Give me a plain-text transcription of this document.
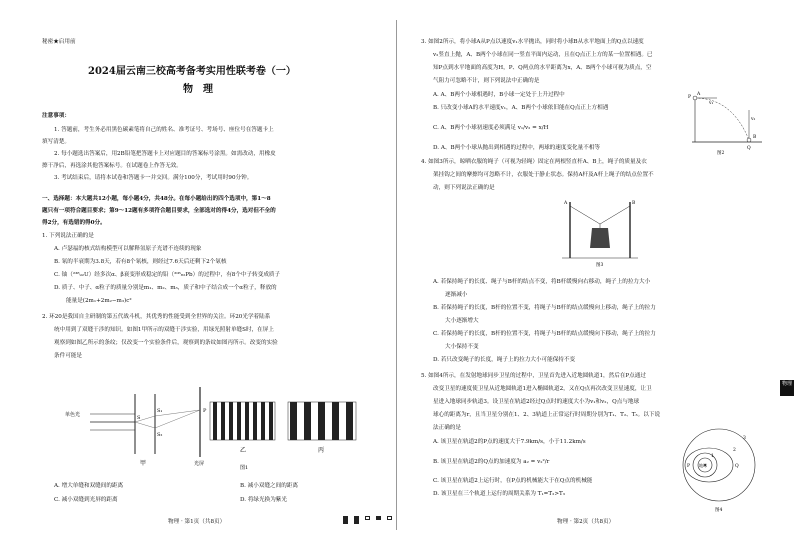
秘密★启用前
2024届云南三校高考备考实用性联考卷（一）
物　理
注意事项：
1. 答题前，考生务必用黑色碳素笔将自己的姓名、准考证号、考场号、座位号在答题卡上
填写清楚。
2. 每小题选出答案后，用2B铅笔把答题卡上对应题目的答案标号涂黑。如需改动，用橡皮
擦干净后，再选涂其他答案标号。在试题卷上作答无效。
3. 考试结束后，请将本试卷和答题卡一并交回。满分100分，考试用时90分钟。
一、选择题：本大题共12小题，每小题4分，共48分。在每小题给出的四个选项中，第1～8
题只有一项符合题目要求；第9～12题有多项符合题目要求，全部选对的得4分，选对但不全的
得2分，有选错的得0分。
1. 下列说法正确的是
A. 卢瑟福的核式结构模型可以解释氢原子光谱不连续的现象
B. 氡的半衰期为3.8天，若有8个氡核，则经过7.6天后还剩下2个氡核
C. 铀（²³⁸₉₂U）经多次α、β衰变形成稳定的铅（²⁰⁶₈₂Pb）的过程中，有8个中子转变成质子
D. 质子、中子、α粒子的质量分别是m₁、m₂、m₃，质子和中子结合成一个α粒子，释放的
能量是(2m₁+2m₂−m₃)c²
2. 环20是我国自主研制的第五代战斗机，其优秀的性能受到全世界的关注。环20光学着陆系
统中用到了双缝干涉的知识。如图1甲所示的双缝干涉实验，用绿光照射单缝S时，在屏上
观察到如图乙所示的条纹；仅改变一个实验条件后，观察到的条纹如图丙所示。改变的实验
条件可能是
单色光	S
S₁
S₂
P
光屏
甲
乙	丙
图1
A. 增大单缝和双缝间的距离	B. 减小双缝之间的距离
C. 减小双缝到光屏的距离	D. 将绿光换为紫光
物理 · 第1页（共8页）
3. 如图2所示，将小球A从P点以速度v₁水平抛出，同时将小球B从水平地面上的Q点以速度
v₂竖直上抛，A、B两个小球在同一竖直平面内运动，且在Q点正上方的某一位置相遇。已
知P点到水平地面的高度为H，P、Q两点的水平距离为x，A、B两个小球可视为质点，空
气阻力可忽略不计，则下列说法中正确的是
A. A、B两个小球相遇时，B小球一定处于上升过程中
B. 只改变小球A的水平速度v₁，A、B两个小球依旧能在Q点正上方相遇
C. A、B两个小球初速度必须满足 v₁/v₂ = x/H
D. A、B两个小球从抛出到相遇的过程中，两球的速度变化量不相等
P
A
v₁
B
v₂
Q
图2
4. 如图3所示，晾晒衣服的绳子（可视为轻绳）固定在两根竖直杆A、B上，绳子的质量及衣
架挂钩之间的摩擦均可忽略不计，衣服处于静止状态。保持A杆及A杆上绳子的结点位置不
动，则下列说法正确的是
A	B
图3
A. 若保持绳子的长度、绳子与B杆的结点不变，将B杆缓慢向右移动，绳子上的拉力大小
逐渐减小
B. 若保持绳子的长度，B杆的位置不变，将绳子与B杆的结点缓慢向上移动，绳子上的拉力
大小逐渐增大
C. 若保持绳子的长度，B杆的位置不变，将绳子与B杆的结点缓慢向下移动，绳子上的拉力
大小保持不变
D. 若只改变绳子的长度，绳子上的拉力大小可能保持不变
5. 如图4所示，在发射地球同步卫星的过程中，卫星首先进入近地圆轨道1，然后在P点通过
改变卫星的速度使卫星从近地圆轨道1进入椭圆轨道2，又在Q点再次改变卫星速度，让卫
星进入地球同步轨道3。设卫星在轨道2经过Q点时的速度大小为v₁和v₂，Q点与地球
球心的距离为r，且当卫星分别在1、2、3轨道上正常运行时周期分别为T₁、T₂、T₃。以下说
法正确的是
A. 该卫星在轨道2的P点的速度大于7.9km/s，小于11.2km/s
B. 该卫星在轨道2的Q点的加速度为 a₂ = v₂²/r
C. 该卫星在轨道2上运行时，在P点的机械能大于在Q点的机械能
D. 该卫星在三个轨道上运行的周期关系为 T₁=T₂>T₃
3
2
1
P 地球	Q
图4
物理 · 第2页（共8页）
物理
